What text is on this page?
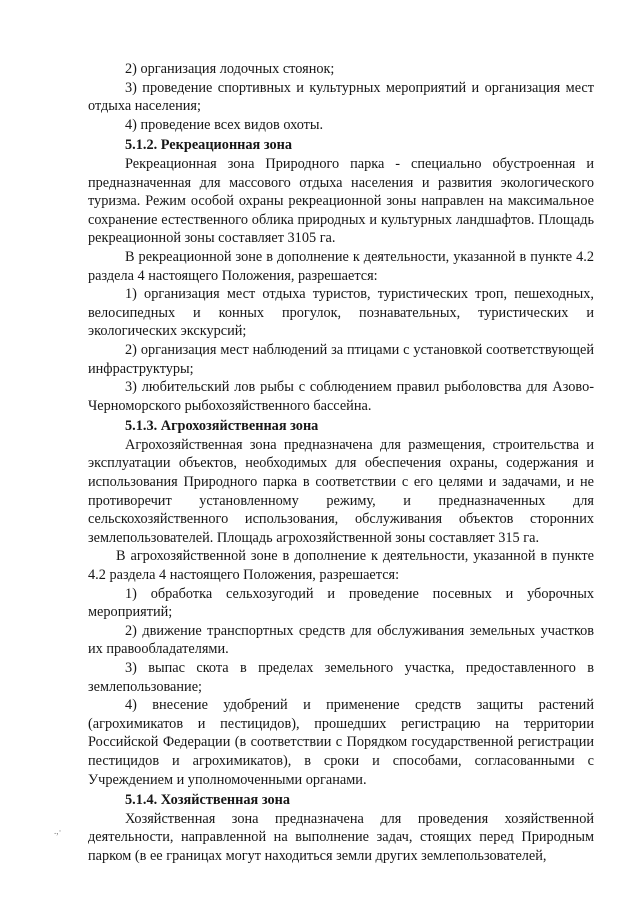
2) организация лодочных стоянок;

3) проведение спортивных и культурных мероприятий и организация мест отдыха населения;

4) проведение всех видов охоты.

5.1.2. Рекреационная зона

Рекреационная зона Природного парка - специально обустроенная и предназначенная для массового отдыха населения и развития экологического туризма. Режим особой охраны рекреационной зоны направлен на максимальное сохранение естественного облика природных и культурных ландшафтов. Площадь рекреационной зоны составляет 3105 га.

В рекреационной зоне в дополнение к деятельности, указанной в пункте 4.2 раздела 4 настоящего Положения, разрешается:

1) организация мест отдыха туристов, туристических троп, пешеходных, велосипедных и конных прогулок, познавательных, туристических и экологических экскурсий;

2) организация мест наблюдений за птицами с установкой соответствующей инфраструктуры;

3) любительский лов рыбы с соблюдением правил рыболовства для Азово-Черноморского рыбохозяйственного бассейна.

5.1.3. Агрохозяйственная зона

Агрохозяйственная зона предназначена для размещения, строительства и эксплуатации объектов, необходимых для обеспечения охраны, содержания и использования Природного парка в соответствии с его целями и задачами, и не противоречит установленному режиму, и предназначенных для сельскохозяйственного использования, обслуживания объектов сторонних землепользователей. Площадь агрохозяйственной зоны составляет 315 га.

В агрохозяйственной зоне в дополнение к деятельности, указанной в пункте 4.2 раздела 4 настоящего Положения, разрешается:

1) обработка сельхозугодий и проведение посевных и уборочных мероприятий;

2) движение транспортных средств для обслуживания земельных участков их правообладателями.

3) выпас скота в пределах земельного участка, предоставленного в землепользование;

4) внесение удобрений и применение средств защиты растений (агрохимикатов и пестицидов), прошедших регистрацию на территории Российской Федерации (в соответствии с Порядком государственной регистрации пестицидов и агрохимикатов), в сроки и способами, согласованными с Учреждением и уполномоченными органами.

5.1.4. Хозяйственная зона

Хозяйственная зона предназначена для проведения хозяйственной деятельности, направленной на выполнение задач, стоящих перед Природным парком (в ее границах могут находиться земли других землепользователей,

.,·
